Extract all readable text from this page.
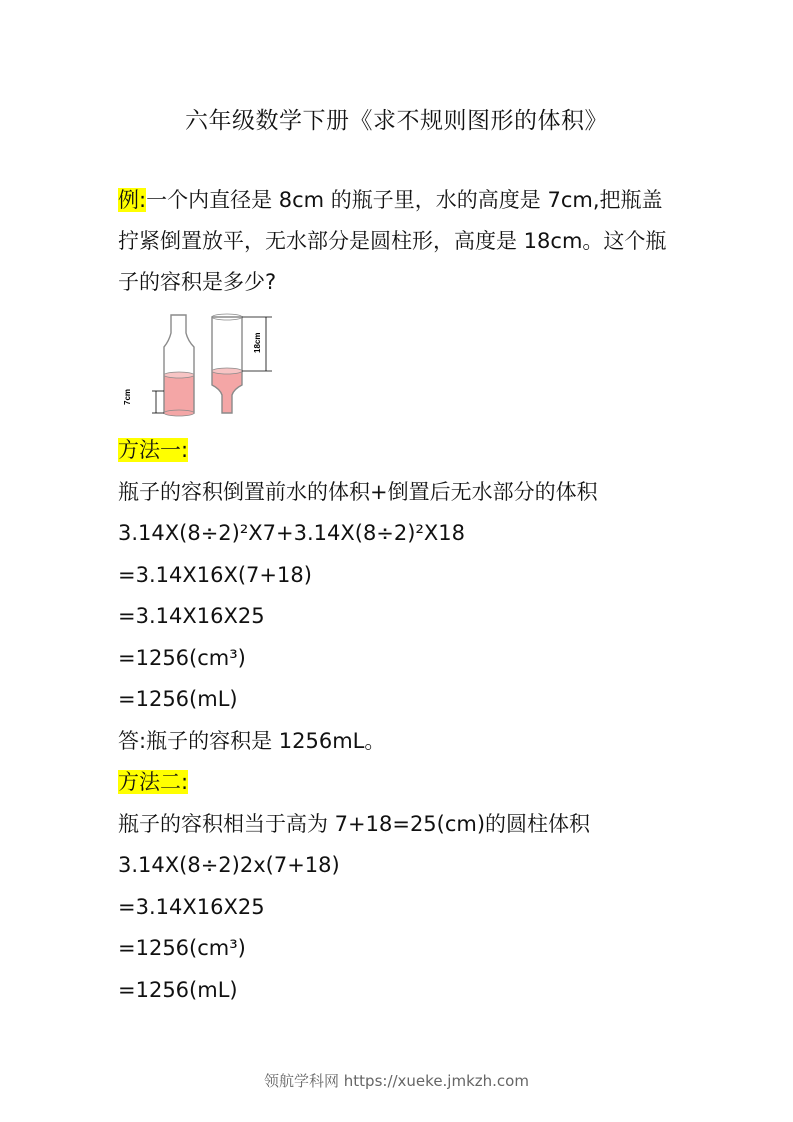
六年级数学下册《求不规则图形的体积》
例:一个内直径是 8cm 的瓶子里，水的高度是 7cm,把瓶盖拧紧倒置放平，无水部分是圆柱形，高度是 18cm。这个瓶子的容积是多少?
7cm
18cm
方法一:
瓶子的容积倒置前水的体积+倒置后无水部分的体积
3.14X(8÷2)²X7+3.14X(8÷2)²X18
=3.14X16X(7+18)
=3.14X16X25
=1256(cm³)
=1256(mL)
答:瓶子的容积是 1256mL。
方法二:
瓶子的容积相当于高为 7+18=25(cm)的圆柱体积
3.14X(8÷2)2x(7+18)
=3.14X16X25
=1256(cm³)
=1256(mL)
领航学科网 https://xueke.jmkzh.com
